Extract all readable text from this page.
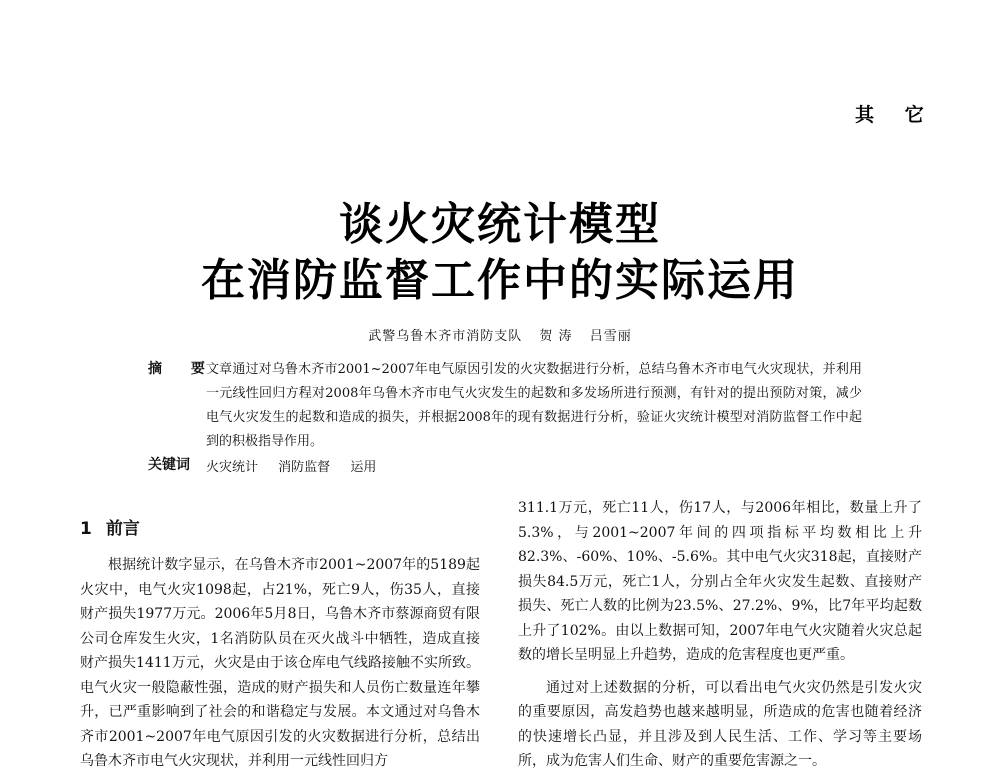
其 它
谈火灾统计模型
在消防监督工作中的实际运用
武警乌鲁木齐市消防支队 贺 涛 吕雪丽
摘 要
文章通过对乌鲁木齐市2001~2007年电气原因引发的火灾数据进行分析，总结乌鲁木齐市电气火灾现状，并利用一元线性回归方程对2008年乌鲁木齐市电气火灾发生的起数和多发场所进行预测，有针对的提出预防对策，减少电气火灾发生的起数和造成的损失，并根据2008年的现有数据进行分析，验证火灾统计模型对消防监督工作中起到的积极指导作用。
关键词 火灾统计 消防监督 运用
1 前言

根据统计数字显示，在乌鲁木齐市2001~2007年的5189起火灾中，电气火灾1098起，占21%，死亡9人，伤35人，直接财产损失1977万元。2006年5月8日，乌鲁木齐市蔡源商贸有限公司仓库发生火灾，1名消防队员在灭火战斗中牺牲，造成直接财产损失1411万元，火灾是由于该仓库电气线路接触不实所致。电气火灾一般隐蔽性强，造成的财产损失和人员伤亡数量连年攀升，已严重影响到了社会的和谐稳定与发展。本文通过对乌鲁木齐市2001~2007年电气原因引发的火灾数据进行分析，总结出乌鲁木齐市电气火灾现状，并利用一元线性回归方

311.1万元，死亡11人，伤17人，与2006年相比，数量上升了5.3%，与2001~2007年间的四项指标平均数相比上升82.3%、-60%、10%、-5.6%。其中电气火灾318起，直接财产损失84.5万元，死亡1人，分别占全年火灾发生起数、直接财产损失、死亡人数的比例为23.5%、27.2%、9%，比7年平均起数上升了102%。由以上数据可知，2007年电气火灾随着火灾总起数的增长呈明显上升趋势，造成的危害程度也更严重。

通过对上述数据的分析，可以看出电气火灾仍然是引发火灾的重要原因，高发趋势也越来越明显，所造成的危害也随着经济的快速增长凸显，并且涉及到人民生活、工作、学习等主要场所，成为危害人们生命、财产的重要危害源之一。
